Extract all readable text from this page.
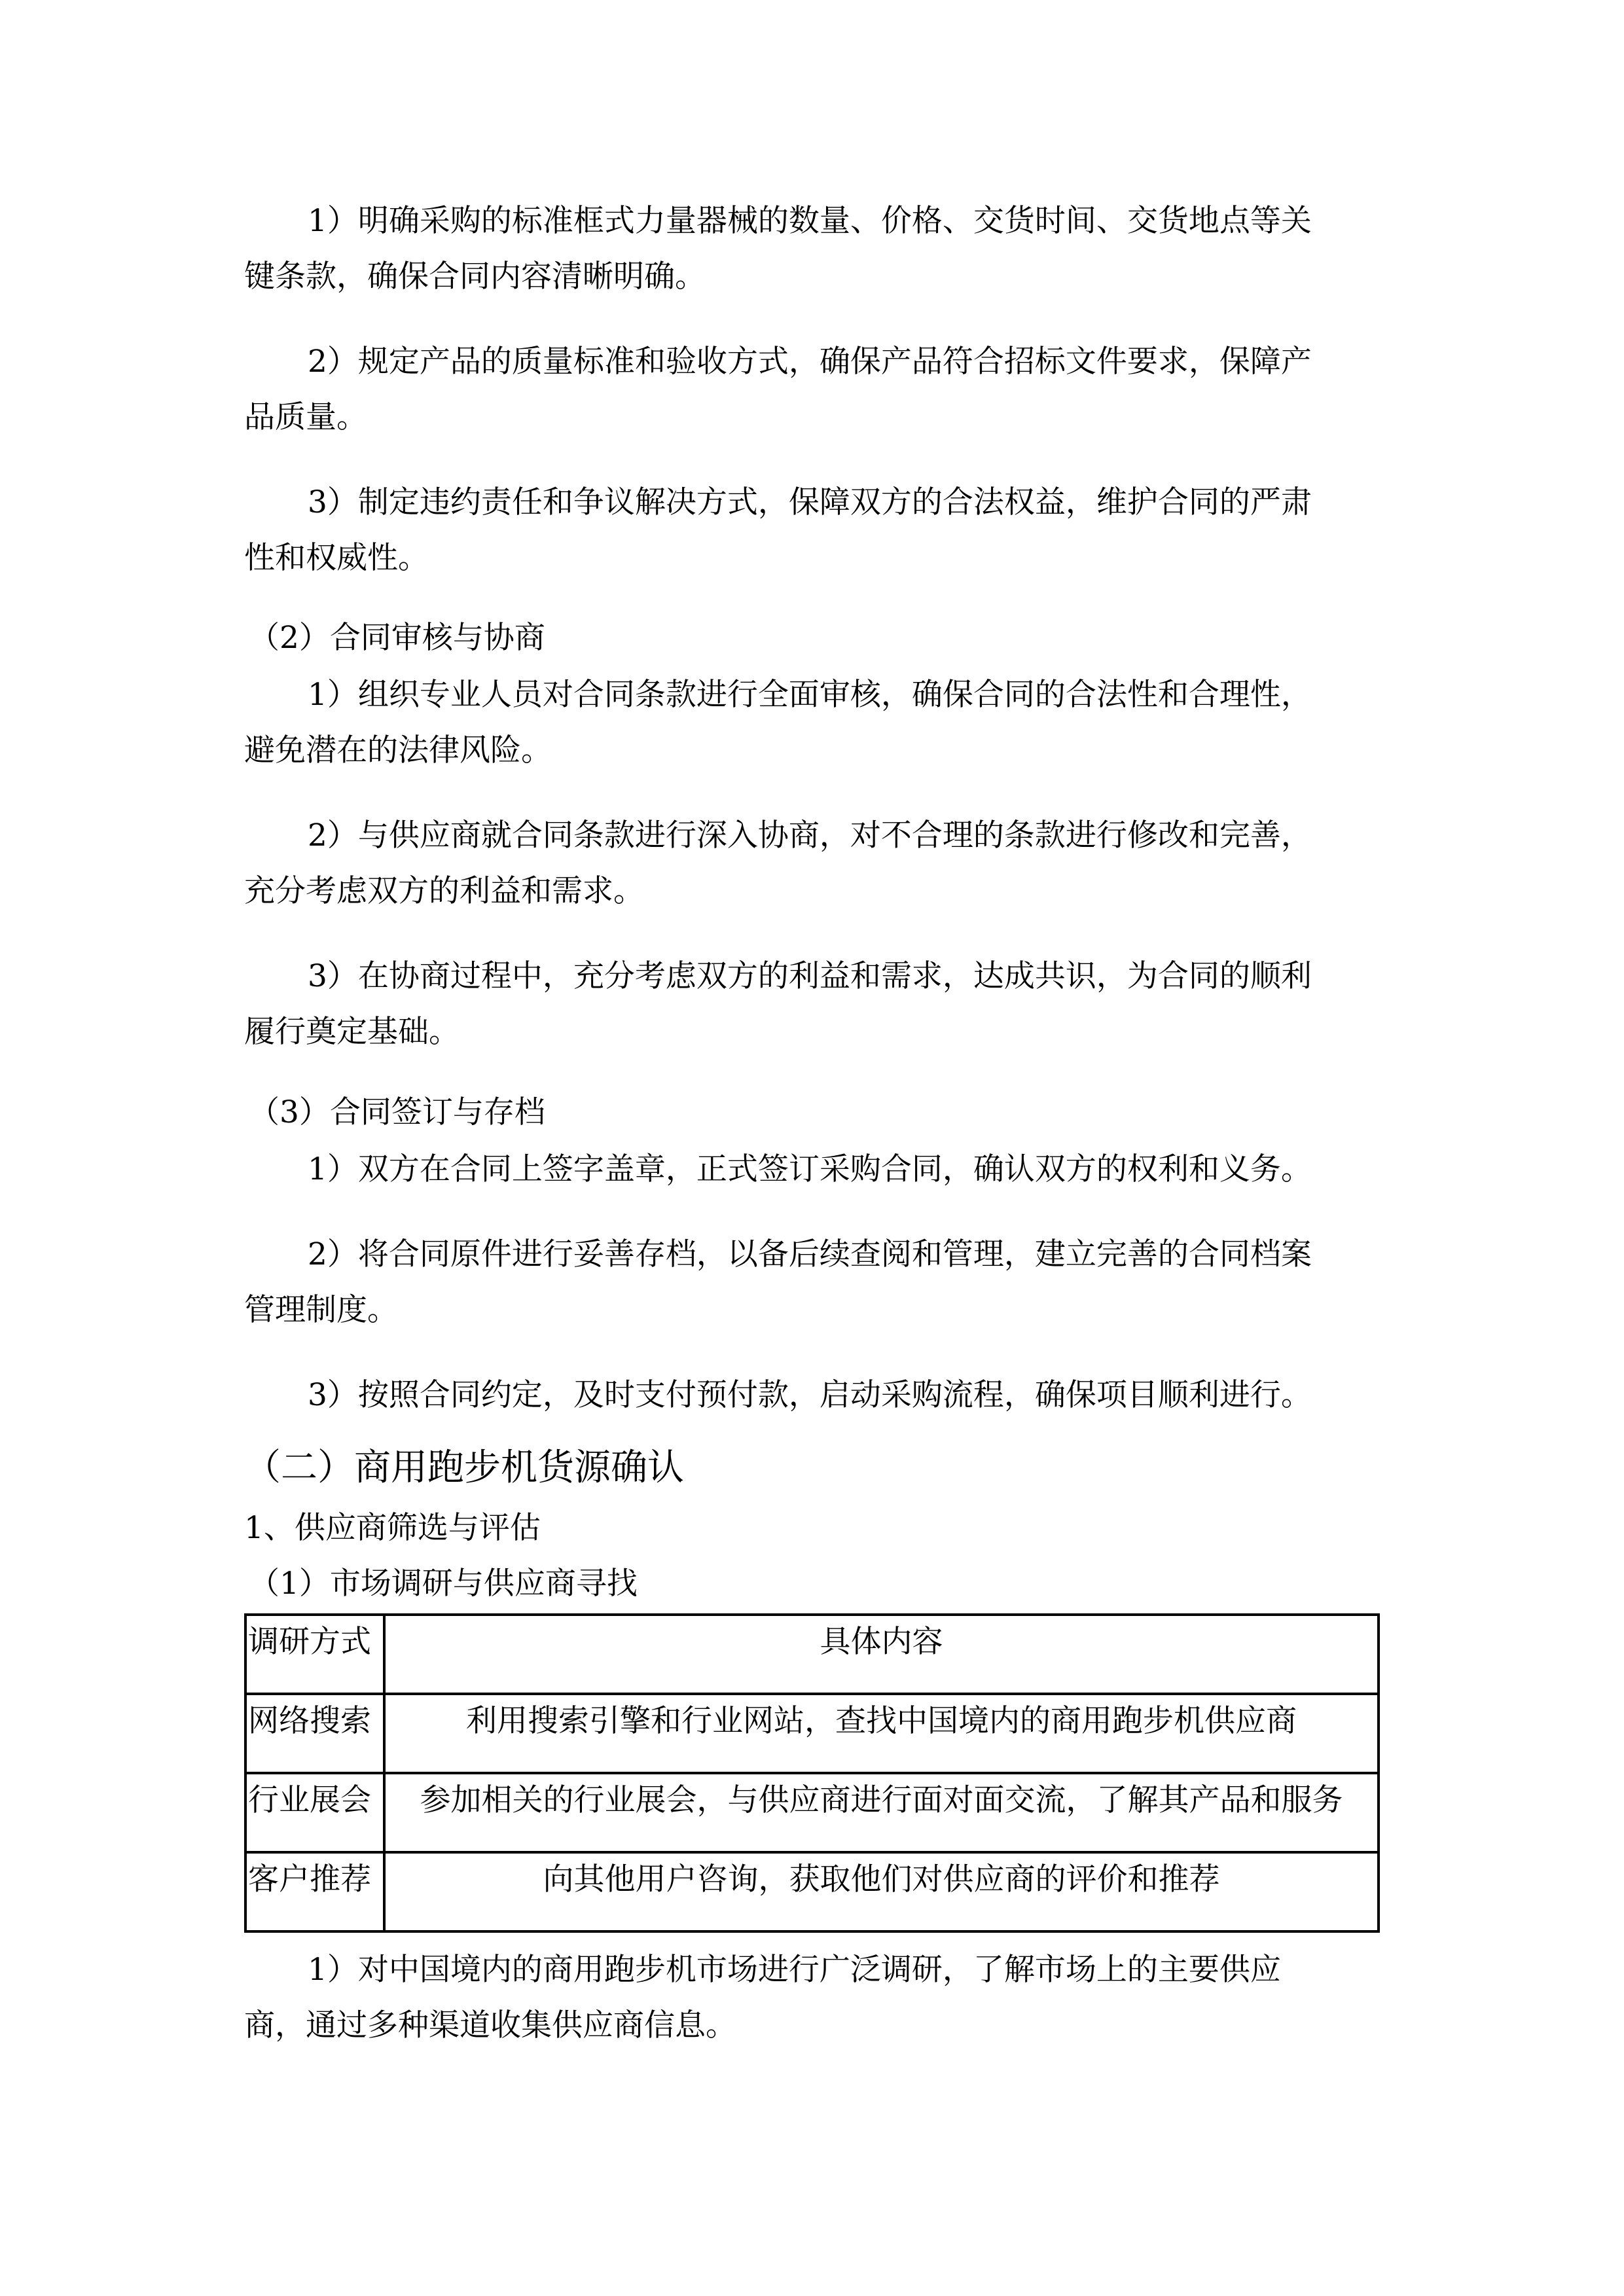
1）明确采购的标准框式力量器械的数量、价格、交货时间、交货地点等关
键条款，确保合同内容清晰明确。
2）规定产品的质量标准和验收方式，确保产品符合招标文件要求，保障产
品质量。
3）制定违约责任和争议解决方式，保障双方的合法权益，维护合同的严肃
性和权威性。
（2）合同审核与协商
1）组织专业人员对合同条款进行全面审核，确保合同的合法性和合理性，
避免潜在的法律风险。
2）与供应商就合同条款进行深入协商，对不合理的条款进行修改和完善，
充分考虑双方的利益和需求。
3）在协商过程中，充分考虑双方的利益和需求，达成共识，为合同的顺利
履行奠定基础。
（3）合同签订与存档
1）双方在合同上签字盖章，正式签订采购合同，确认双方的权利和义务。
2）将合同原件进行妥善存档，以备后续查阅和管理，建立完善的合同档案
管理制度。
3）按照合同约定，及时支付预付款，启动采购流程，确保项目顺利进行。
（二）商用跑步机货源确认
1、供应商筛选与评估
（1）市场调研与供应商寻找
调研方式	具体内容
网络搜索	利用搜索引擎和行业网站，查找中国境内的商用跑步机供应商
行业展会	参加相关的行业展会，与供应商进行面对面交流，了解其产品和服务
客户推荐	向其他用户咨询，获取他们对供应商的评价和推荐
1）对中国境内的商用跑步机市场进行广泛调研，了解市场上的主要供应
商，通过多种渠道收集供应商信息。
